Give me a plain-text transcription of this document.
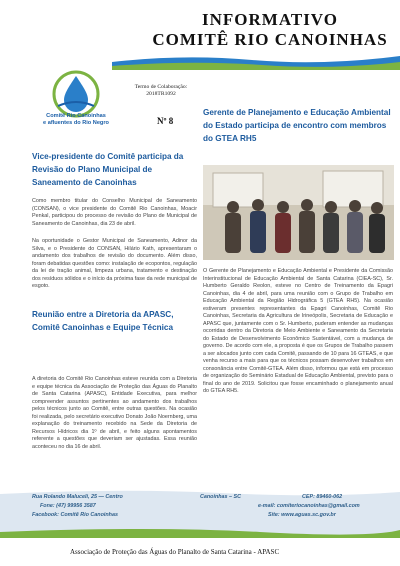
INFORMATIVO
COMITÊ RIO CANOINHAS
Comitê Rio Canoinhas
e afluentes do Rio Negro
Termo de Colaboração:
2018TR1092
Nº 8
Vice-presidente do Comitê participa da Revisão do Plano Municipal de Saneamento de Canoinhas
Como membro titular do Conselho Municipal de Saneamento (CONSAN), o vice presidente do Comitê Rio Canoinhas, Moacir Penkal, participou do processo de revisão do Plano de Municipal de Saneamento de Canoinhas, dia 23 de abril.
Na oportunidade o Gestor Municipal de Saneamento, Adinor da Silva, e o Presidente do CONSAN, Hilário Kath, apresentaram o andamento dos trabalhos de revisão do documento. Além disso, foram debatidas questões como: instalação de ecopontos, regulação da lei de tração animal, limpeza urbana, tratamento e destinação dos resíduos sólidos e o início da próxima fase da rede municipal de esgoto.
Reunião entre a Diretoria da APASC, Comitê Canoinhas e Equipe Técnica
A diretoria do Comitê Rio Canoinhas esteve reunida com a Diretoria e equipe técnica da Associação de Proteção das Águas do Planalto de Santa Catarina (APASC), Entidade Executiva, para melhor compreender assuntos pertinentes ao andamento dos trabalhos pelos técnicos junto ao Comitê, entre outras questões. Na ocasião foi realizada, pelo secretário executivo Donato João Noernberg, uma explanação do treinamento recebido na Sede da Diretoria de Recursos Hídricos dia 1º de abril, e feito alguns apontamentos referente a questões que deveriam ser ajustadas. Essa reunião aconteceu no dia 16 de abril.
Gerente de Planejamento e Educação Ambiental do Estado participa de encontro com membros do GTEA RH5
O Gerente de Planejamento e Educação Ambiental e Presidente da Comissão Interinstitucional de Educação Ambiental de Santa Catarina (CIEA-SC), Sr. Humberto Geraldo Reolon, esteve no Centro de Treinamento da Epagri Canoinhas, dia 4 de abril, para uma reunião com o Grupo de Trabalho em Educação Ambiental da Região Hidrográfica 5 (GTEA RH5). Na ocasião estiveram presentes representantes da Epagri Canoinhas, Comitê Rio Canoinhas, Secretaria da Agricultura de Irineópolis, Secretaria de Educação e APASC que, juntamente com o Sr. Humberto, puderam entender as mudanças ocorridas dentro da Diretoria de Meio Ambiente e Saneamento da Secretaria do Estado de Desenvolvimento Econômico Sustentável, com a mudança de governo. De acordo com ele, a proposta é que os Grupos de Trabalho passem a ser alocados junto com cada Comitê, passando de 10 para 16 GTEAS, e que venha recurso a mais para que os técnicos possam desenvolver trabalhos em consonância entre Comitê-GTEA. Além disso, informou que está em processo de organização do Seminário Estadual de Educação Ambiental, previsto para o final do ano de 2019. Solicitou que fosse encaminhado o planejamento anual do GTEA RH5.
Rua Rolando Maluceli, 25 — Centro	Canoinhas – SC	CEP: 89460-062
Fone: (47) 99956 3587	e-mail: comiteriocanoinhas@gmail.com
Facebook: Comitê Rio Canoinhas	Site: www.aguas.sc.gov.br
Associação de Proteção das Águas do Planalto de Santa Catarina - APASC
